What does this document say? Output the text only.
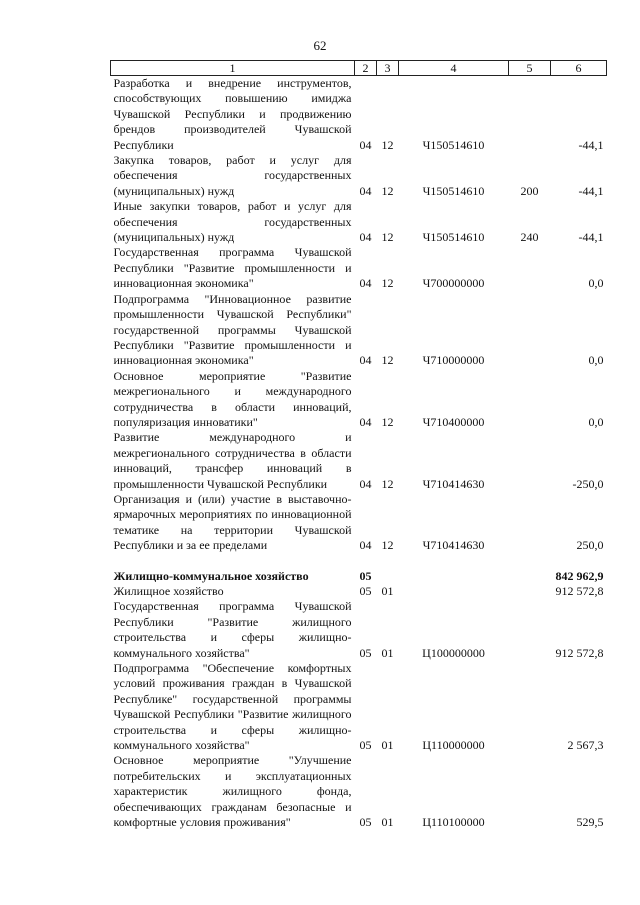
62
1	2	3	4	5	6
Разработка и внедрение инструментов, способствующих повышению имиджа Чувашской Республики и продвижению брендов производителей Чувашской Республики	04	12	Ч150514610		-44,1
Закупка товаров, работ и услуг для обеспечения государственных (муниципальных) нужд	04	12	Ч150514610	200	-44,1
Иные закупки товаров, работ и услуг для обеспечения государственных (муниципальных) нужд	04	12	Ч150514610	240	-44,1
Государственная программа Чувашской Республики "Развитие промышленности и инновационная экономика"	04	12	Ч700000000		0,0
Подпрограмма "Инновационное развитие промышленности Чувашской Республики" государственной программы Чувашской Республики "Развитие промышленности и инновационная экономика"	04	12	Ч710000000		0,0
Основное мероприятие "Развитие межрегионального и международного сотрудничества в области инноваций, популяризация инноватики"	04	12	Ч710400000		0,0
Развитие международного и межрегионального сотрудничества в области инноваций, трансфер инноваций в промышленности Чувашской Республики	04	12	Ч710414630		-250,0
Организация и (или) участие в выставочно-ярмарочных мероприятиях по инновационной тематике на территории Чувашской Республики и за ее пределами	04	12	Ч710414630		250,0

Жилищно-коммунальное хозяйство	05				842 962,9
Жилищное хозяйство	05	01			912 572,8
Государственная программа Чувашской Республики "Развитие жилищного строительства и сферы жилищно-коммунального хозяйства"	05	01	Ц100000000		912 572,8
Подпрограмма "Обеспечение комфортных условий проживания граждан в Чувашской Республике" государственной программы Чувашской Республики "Развитие жилищного строительства и сферы жилищно-коммунального хозяйства"	05	01	Ц110000000		2 567,3
Основное мероприятие "Улучшение потребительских и эксплуатационных характеристик жилищного фонда, обеспечивающих гражданам безопасные и комфортные условия проживания"	05	01	Ц110100000		529,5
